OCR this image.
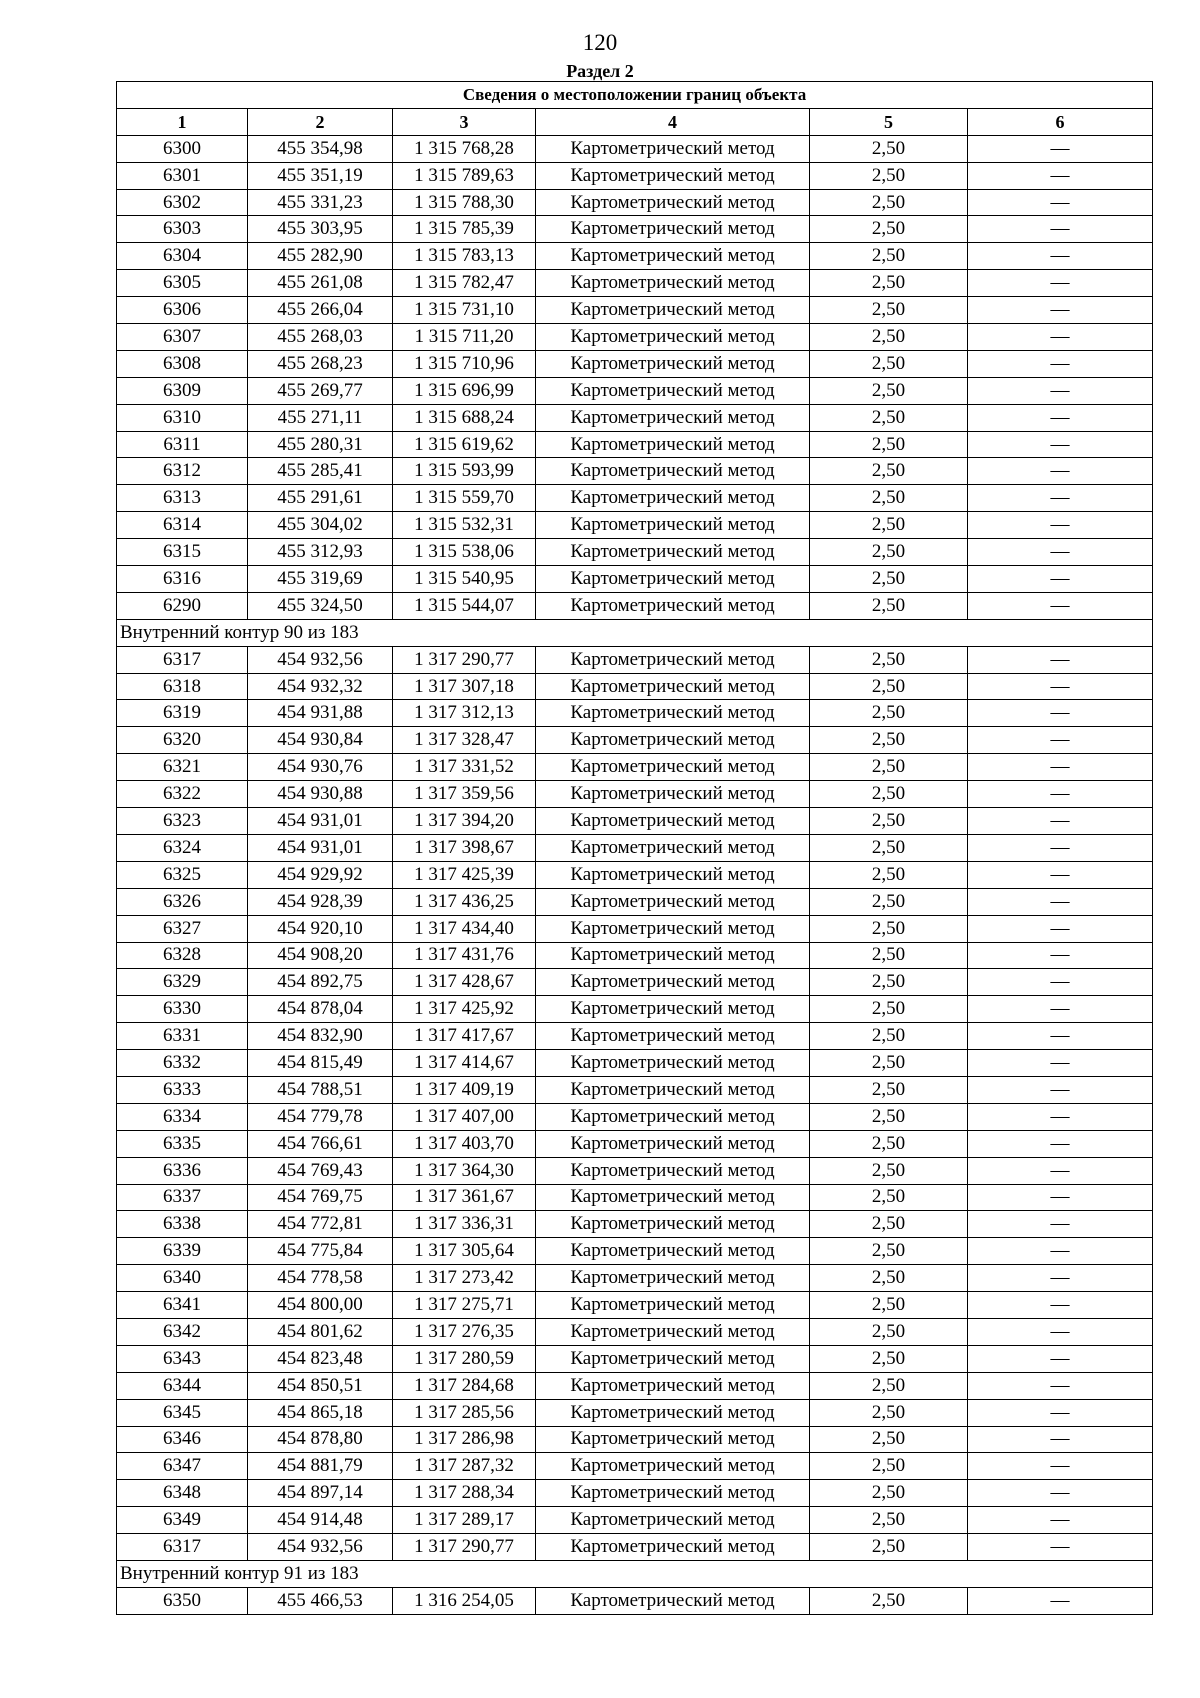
120
Раздел 2
Сведения о местоположении границ объекта					
1	2	3	4	5	6
6300	455 354,98	1 315 768,28	Картометрический метод	2,50	—
6301	455 351,19	1 315 789,63	Картометрический метод	2,50	—
6302	455 331,23	1 315 788,30	Картометрический метод	2,50	—
6303	455 303,95	1 315 785,39	Картометрический метод	2,50	—
6304	455 282,90	1 315 783,13	Картометрический метод	2,50	—
6305	455 261,08	1 315 782,47	Картометрический метод	2,50	—
6306	455 266,04	1 315 731,10	Картометрический метод	2,50	—
6307	455 268,03	1 315 711,20	Картометрический метод	2,50	—
6308	455 268,23	1 315 710,96	Картометрический метод	2,50	—
6309	455 269,77	1 315 696,99	Картометрический метод	2,50	—
6310	455 271,11	1 315 688,24	Картометрический метод	2,50	—
6311	455 280,31	1 315 619,62	Картометрический метод	2,50	—
6312	455 285,41	1 315 593,99	Картометрический метод	2,50	—
6313	455 291,61	1 315 559,70	Картометрический метод	2,50	—
6314	455 304,02	1 315 532,31	Картометрический метод	2,50	—
6315	455 312,93	1 315 538,06	Картометрический метод	2,50	—
6316	455 319,69	1 315 540,95	Картометрический метод	2,50	—
6290	455 324,50	1 315 544,07	Картометрический метод	2,50	—
Внутренний контур 90 из 183					
6317	454 932,56	1 317 290,77	Картометрический метод	2,50	—
6318	454 932,32	1 317 307,18	Картометрический метод	2,50	—
6319	454 931,88	1 317 312,13	Картометрический метод	2,50	—
6320	454 930,84	1 317 328,47	Картометрический метод	2,50	—
6321	454 930,76	1 317 331,52	Картометрический метод	2,50	—
6322	454 930,88	1 317 359,56	Картометрический метод	2,50	—
6323	454 931,01	1 317 394,20	Картометрический метод	2,50	—
6324	454 931,01	1 317 398,67	Картометрический метод	2,50	—
6325	454 929,92	1 317 425,39	Картометрический метод	2,50	—
6326	454 928,39	1 317 436,25	Картометрический метод	2,50	—
6327	454 920,10	1 317 434,40	Картометрический метод	2,50	—
6328	454 908,20	1 317 431,76	Картометрический метод	2,50	—
6329	454 892,75	1 317 428,67	Картометрический метод	2,50	—
6330	454 878,04	1 317 425,92	Картометрический метод	2,50	—
6331	454 832,90	1 317 417,67	Картометрический метод	2,50	—
6332	454 815,49	1 317 414,67	Картометрический метод	2,50	—
6333	454 788,51	1 317 409,19	Картометрический метод	2,50	—
6334	454 779,78	1 317 407,00	Картометрический метод	2,50	—
6335	454 766,61	1 317 403,70	Картометрический метод	2,50	—
6336	454 769,43	1 317 364,30	Картометрический метод	2,50	—
6337	454 769,75	1 317 361,67	Картометрический метод	2,50	—
6338	454 772,81	1 317 336,31	Картометрический метод	2,50	—
6339	454 775,84	1 317 305,64	Картометрический метод	2,50	—
6340	454 778,58	1 317 273,42	Картометрический метод	2,50	—
6341	454 800,00	1 317 275,71	Картометрический метод	2,50	—
6342	454 801,62	1 317 276,35	Картометрический метод	2,50	—
6343	454 823,48	1 317 280,59	Картометрический метод	2,50	—
6344	454 850,51	1 317 284,68	Картометрический метод	2,50	—
6345	454 865,18	1 317 285,56	Картометрический метод	2,50	—
6346	454 878,80	1 317 286,98	Картометрический метод	2,50	—
6347	454 881,79	1 317 287,32	Картометрический метод	2,50	—
6348	454 897,14	1 317 288,34	Картометрический метод	2,50	—
6349	454 914,48	1 317 289,17	Картометрический метод	2,50	—
6317	454 932,56	1 317 290,77	Картометрический метод	2,50	—
Внутренний контур 91 из 183					
6350	455 466,53	1 316 254,05	Картометрический метод	2,50	—
